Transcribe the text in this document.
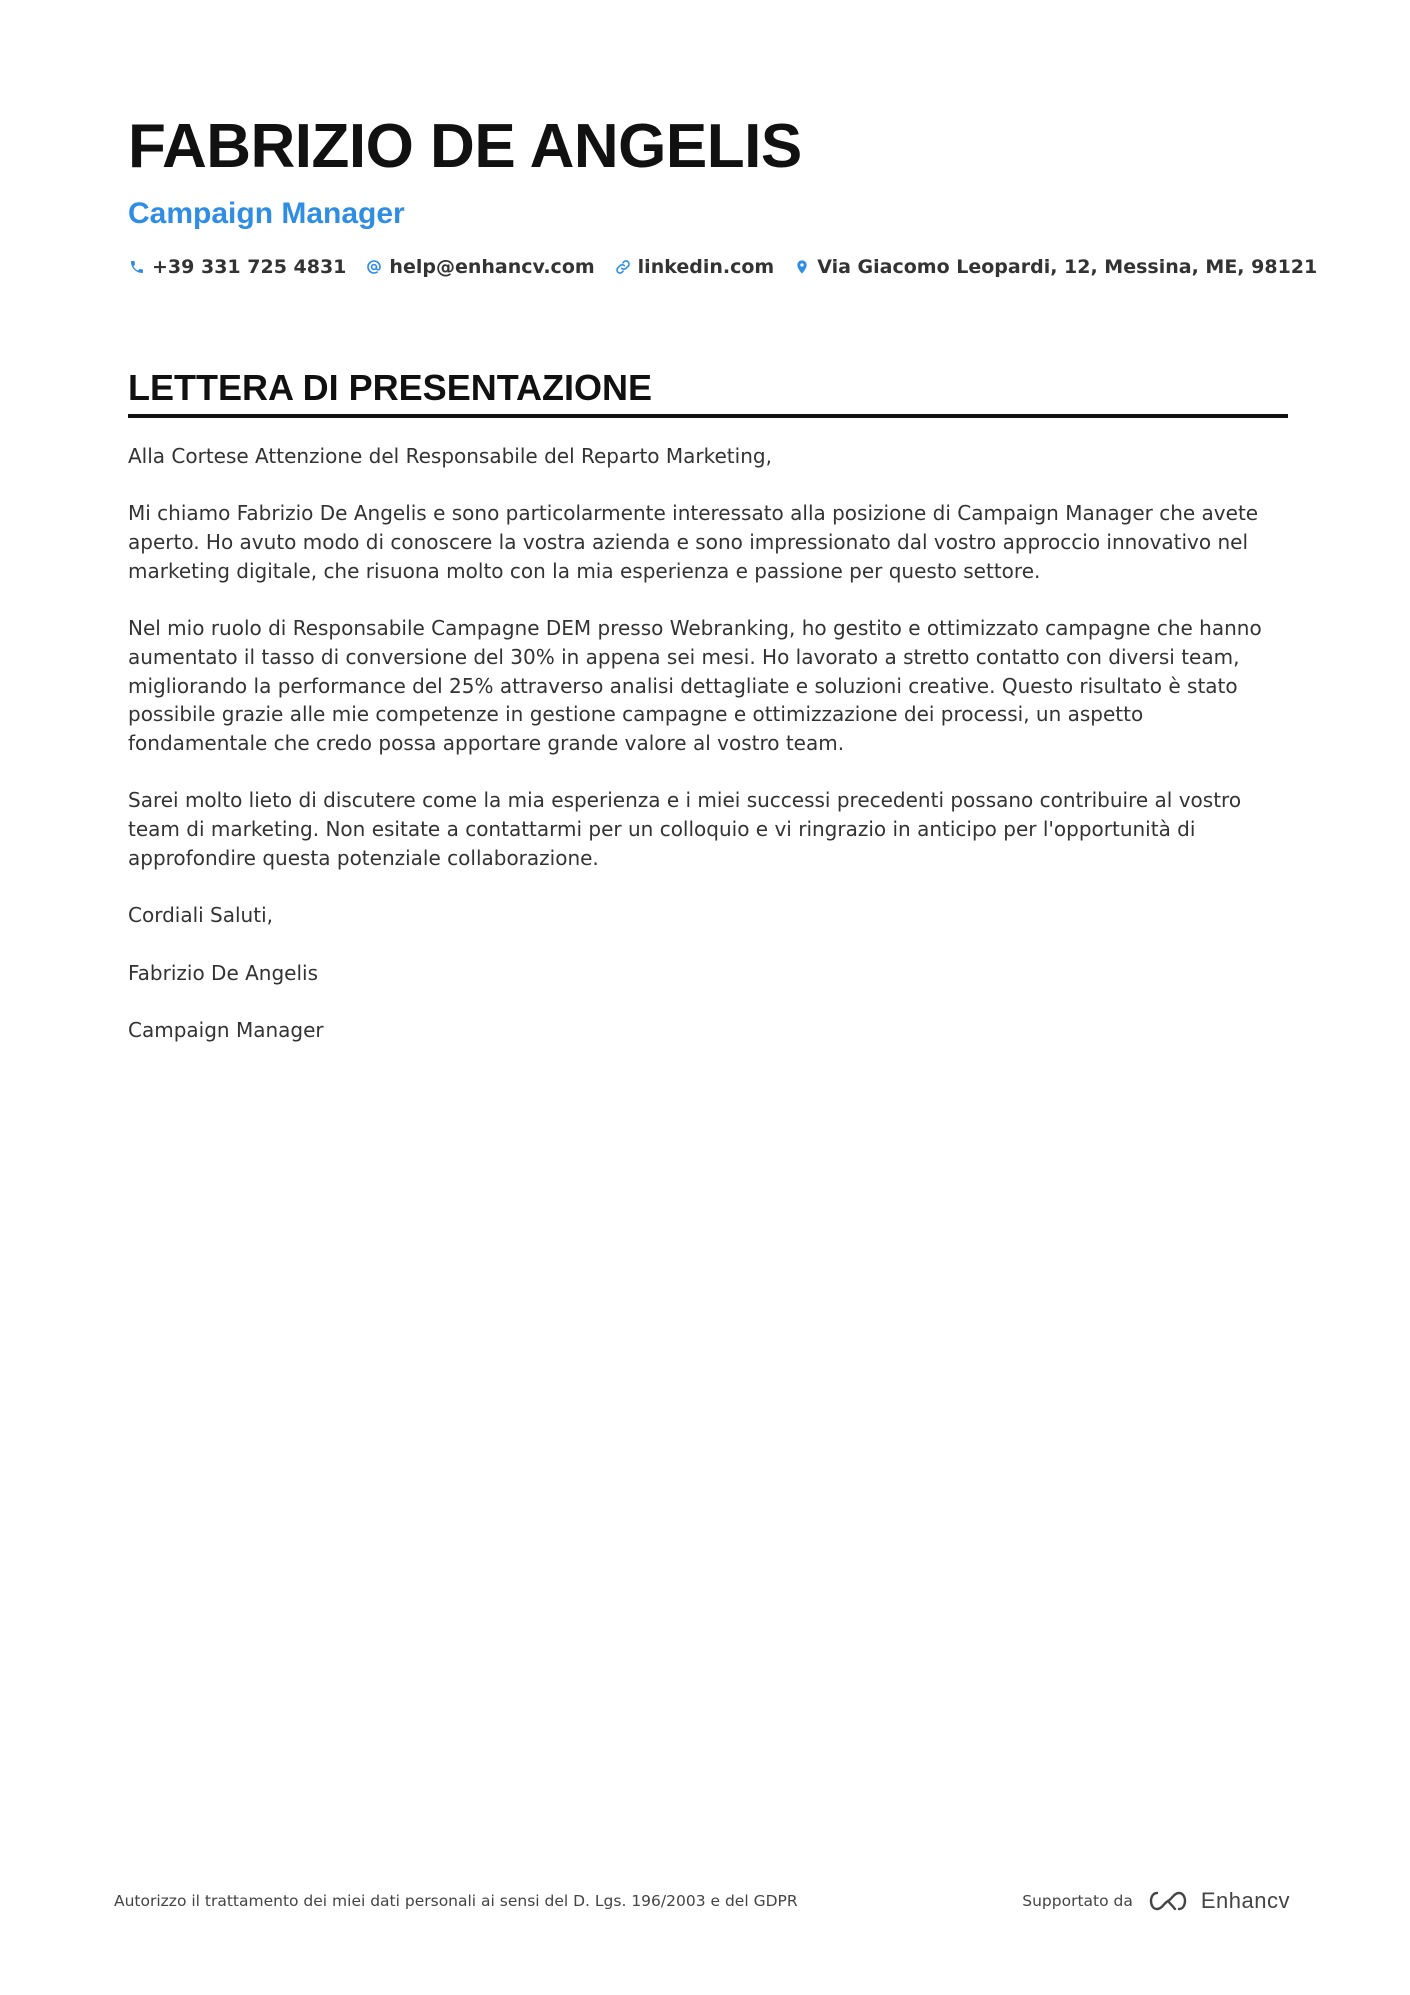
FABRIZIO DE ANGELIS
Campaign Manager
+39 331 725 4831 help@enhancv.com linkedin.com Via Giacomo Leopardi, 12, Messina, ME, 98121
LETTERA DI PRESENTAZIONE

Alla Cortese Attenzione del Responsabile del Reparto Marketing,

Mi chiamo Fabrizio De Angelis e sono particolarmente interessato alla posizione di Campaign Manager che avete aperto. Ho avuto modo di conoscere la vostra azienda e sono impressionato dal vostro approccio innovativo nel marketing digitale, che risuona molto con la mia esperienza e passione per questo settore.

Nel mio ruolo di Responsabile Campagne DEM presso Webranking, ho gestito e ottimizzato campagne che hanno aumentato il tasso di conversione del 30% in appena sei mesi. Ho lavorato a stretto contatto con diversi team, migliorando la performance del 25% attraverso analisi dettagliate e soluzioni creative. Questo risultato è stato possibile grazie alle mie competenze in gestione campagne e ottimizzazione dei processi, un aspetto fondamentale che credo possa apportare grande valore al vostro team.

Sarei molto lieto di discutere come la mia esperienza e i miei successi precedenti possano contribuire al vostro team di marketing. Non esitate a contattarmi per un colloquio e vi ringrazio in anticipo per l'opportunità di approfondire questa potenziale collaborazione.

Cordiali Saluti,

Fabrizio De Angelis

Campaign Manager

Autorizzo il trattamento dei miei dati personali ai sensi del D. Lgs. 196/2003 e del GDPR	Supportato da	Enhancv
